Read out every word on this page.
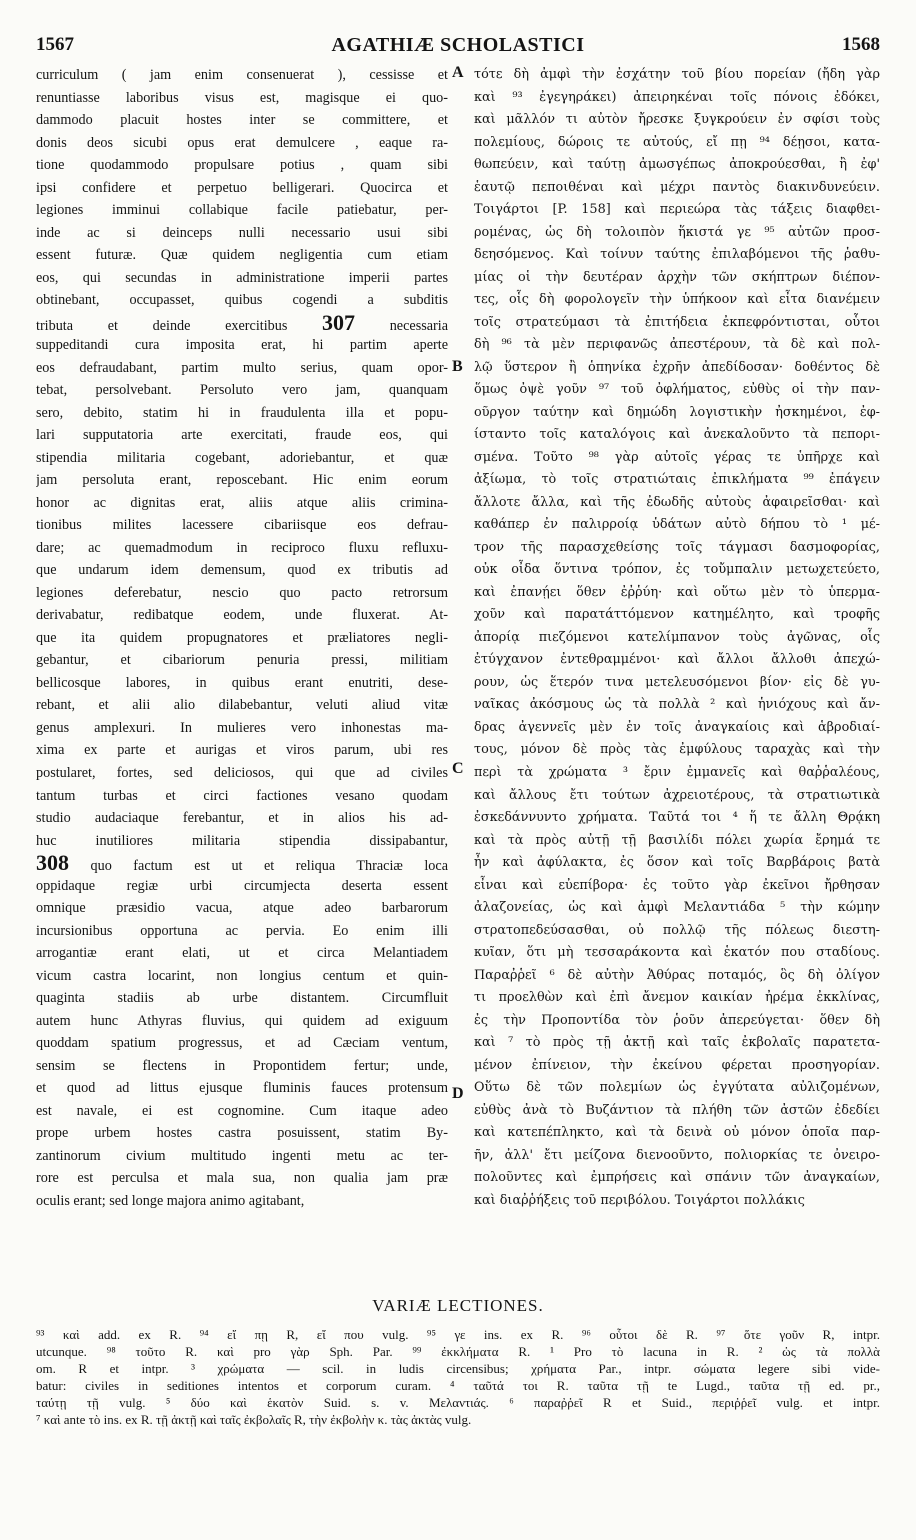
1567	AGATHIÆ SCHOLASTICI	1568
curriculum ( jam enim consenuerat ), cessisse et
renuntiasse laboribus visus est, magisque ei quo-
dammodo placuit hostes inter se committere, et
donis deos sicubi opus erat demulcere , eaque ra-
tione quodammodo propulsare potius , quam sibi
ipsi confidere et perpetuo belligerari. Quocirca et
legiones imminui collabique facile patiebatur, per-
inde ac si deinceps nulli necessario usui sibi
essent futuræ. Quæ quidem negligentia cum etiam
eos, qui secundas in administratione imperii partes
obtinebant, occupasset, quibus cogendi a subditis
tributa et deinde exercitibus 307 necessaria
suppeditandi cura imposita erat, hi partim aperte
eos defraudabant, partim multo serius, quam opor-
tebat, persolvebant. Persoluto vero jam, quanquam
sero, debito, statim hi in fraudulenta illa et popu-
lari supputatoria arte exercitati, fraude eos, qui
stipendia militaria cogebant, adoriebantur, et quæ
jam persoluta erant, reposcebant. Hic enim eorum
honor ac dignitas erat, aliis atque aliis crimina-
tionibus milites lacessere cibariisque eos defrau-
dare; ac quemadmodum in reciproco fluxu refluxu-
que undarum idem demensum, quod ex tributis ad
legiones deferebatur, nescio quo pacto retrorsum
derivabatur, redibatque eodem, unde fluxerat. At-
que ita quidem propugnatores et præliatores negli-
gebantur, et cibariorum penuria pressi, militiam
bellicosque labores, in quibus erant enutriti, dese-
rebant, et alii alio dilabebantur, veluti aliud vitæ
genus amplexuri. In mulieres vero inhonestas ma-
xima ex parte et aurigas et viros parum, ubi res
postularet, fortes, sed deliciosos, qui que ad civiles
tantum turbas et circi factiones vesano quodam
studio audaciaque ferebantur, et in alios his ad-
huc inutiliores militaria stipendia dissipabantur,
308 quo factum est ut et reliqua Thraciæ loca
oppidaque regiæ urbi circumjecta deserta essent
omnique præsidio vacua, atque adeo barbarorum
incursionibus opportuna ac pervia. Eo enim illi
arrogantiæ erant elati, ut et circa Melantiadem
vicum castra locarint, non longius centum et quin-
quaginta stadiis ab urbe distantem. Circumfluit
autem hunc Athyras fluvius, qui quidem ad exiguum
quoddam spatium progressus, et ad Cæciam ventum,
sensim se flectens in Propontidem fertur; unde,
et quod ad littus ejusque fluminis fauces protensum
est navale, ei est cognomine. Cum itaque adeo
prope urbem hostes castra posuissent, statim By-
zantinorum civium multitudo ingenti metu ac ter-
rore est perculsa et mala sua, non qualia jam præ
oculis erant; sed longe majora animo agitabant,
τότε δὴ ἀμφὶ τὴν ἐσχάτην τοῦ βίου πορείαν (ἤδη γὰρ
καὶ ⁹³ ἐγεγηράκει) ἀπειρηκέναι τοῖς πόνοις ἐδόκει,
καὶ μᾶλλόν τι αὐτὸν ἤρεσκε ξυγκρούειν ἐν σφίσι τοὺς
πολεμίους, δώροις τε αὐτούς, εἴ πῃ ⁹⁴ δέῃσοι, κατα-
θωπεύειν, καὶ ταύτῃ ἀμωσγέπως ἀποκρούεσθαι, ἢ ἐφ'
ἑαυτῷ πεποιθέναι καὶ μέχρι παντὸς διακινδυνεύειν.
Τοιγάρτοι [P. 158] καὶ περιεώρα τὰς τάξεις διαφθει-
ρομένας, ὡς δὴ τολοιπὸν ἥκιστά γε ⁹⁵ αὐτῶν προσ-
δεησόμενος. Καὶ τοίνυν ταύτης ἐπιλαβόμενοι τῆς ῥαθυ-
μίας οἱ τὴν δευτέραν ἀρχὴν τῶν σκήπτρων διέπον-
τες, οἷς δὴ φορολογεῖν τὴν ὑπήκοον καὶ εἶτα διανέμειν
τοῖς στρατεύμασι τὰ ἐπιτήδεια ἐκπεφρόντισται, οὗτοι
δὴ ⁹⁶ τὰ μὲν περιφανῶς ἀπεστέρουν, τὰ δὲ καὶ πολ-
λῷ ὕστερον ἢ ὁπηνίκα ἐχρῆν ἀπεδίδοσαν· δοθέντος δὲ
ὅμως ὀψὲ γοῦν ⁹⁷ τοῦ ὀφλήματος, εὐθὺς οἱ τὴν παν-
οῦργον ταύτην καὶ δημώδη λογιστικὴν ἠσκημένοι, ἐφ-
ίσταντο τοῖς καταλόγοις καὶ ἀνεκαλοῦντο τὰ πεπορι-
σμένα. Τοῦτο ⁹⁸ γὰρ αὐτοῖς γέρας τε ὑπῆρχε καὶ
ἀξίωμα, τὸ τοῖς στρατιώταις ἐπικλήματα ⁹⁹ ἐπάγειν
ἄλλοτε ἄλλα, καὶ τῆς ἐδωδῆς αὐτοὺς ἀφαιρεῖσθαι· καὶ
καθάπερ ἐν παλιρροίᾳ ὑδάτων αὐτὸ δήπου τὸ ¹ μέ-
τρον τῆς παρασχεθείσης τοῖς τάγμασι δασμοφορίας,
οὐκ οἶδα ὅντινα τρόπον, ἐς τοὔμπαλιν μετωχετεύετο,
καὶ ἐπανῄει ὅθεν ἐῤῥύη· καὶ οὕτω μὲν τὸ ὑπερμα-
χοῦν καὶ παρατάττόμενον κατημέλητο, καὶ τροφῆς
ἀπορίᾳ πιεζόμενοι κατελίμπανον τοὺς ἀγῶνας, οἷς
ἐτύγχανον ἐντεθραμμένοι· καὶ ἄλλοι ἄλλοθι ἀπεχώ-
ρουν, ὡς ἕτερόν τινα μετελευσόμενοι βίον· εἰς δὲ γυ-
ναῖκας ἀκόσμους ὡς τὰ πολλὰ ² καὶ ἡνιόχους καὶ ἄν-
δρας ἀγεννεῖς μὲν ἐν τοῖς ἀναγκαίοις καὶ ἁβροδιαί-
τους, μόνον δὲ πρὸς τὰς ἐμφύλους ταραχὰς καὶ τὴν
περὶ τὰ χρώματα ³ ἔριν ἐμμανεῖς καὶ θαῤῥαλέους,
καὶ ἄλλους ἔτι τούτων ἀχρειοτέρους, τὰ στρατιωτικὰ
ἐσκεδάννυντο χρήματα. Ταῦτά τοι ⁴ ἥ τε ἄλλη Θρᾴκη
καὶ τὰ πρὸς αὐτῇ τῇ βασιλίδι πόλει χωρία ἔρημά τε
ἦν καὶ ἀφύλακτα, ἐς ὅσον καὶ τοῖς Βαρβάροις βατὰ
εἶναι καὶ εὐεπίβορα· ἐς τοῦτο γὰρ ἐκεῖνοι ἤρθησαν
ἀλαζονείας, ὡς καὶ ἀμφὶ Μελαντιάδα ⁵ τὴν κώμην
στρατοπεδεύσασθαι, οὐ πολλῷ τῆς πόλεως διεστη-
κυῖαν, ὅτι μὴ τεσσαράκοντα καὶ ἑκατόν που σταδίους.
Παραῤῥεῖ ⁶ δὲ αὐτὴν Ἀθύρας ποταμός, ὃς δὴ ὀλίγον
τι προελθὼν καὶ ἐπὶ ἄνεμον καικίαν ἠρέμα ἐκκλίνας,
ἐς τὴν Προποντίδα τὸν ῥοῦν ἀπερεύγεται· ὅθεν δὴ
καὶ ⁷ τὸ πρὸς τῇ ἀκτῇ καὶ ταῖς ἐκβολαῖς παρατετα-
μένον ἐπίνειον, τὴν ἐκείνου φέρεται προσηγορίαν.
Οὕτω δὲ τῶν πολεμίων ὡς ἐγγύτατα αὐλιζομένων,
εὐθὺς ἀνὰ τὸ Βυζάντιον τὰ πλήθη τῶν ἀστῶν ἐδεδίει
καὶ κατεπέπληκτο, καὶ τὰ δεινὰ οὐ μόνον ὁποῖα παρ-
ῆν, ἀλλ' ἔτι μείζονα διενοοῦντο, πολιορκίας τε ὀνειρο-
πολοῦντες καὶ ἐμπρήσεις καὶ σπάνιν τῶν ἀναγκαίων,
καὶ διαῤῥήξεις τοῦ περιβόλου. Τοιγάρτοι πολλάκις
A
B
C
D
VARIÆ LECTIONES.
⁹³ καὶ add. ex R. ⁹⁴ εἴ πῃ R, εἴ που vulg. ⁹⁵ γε ins. ex R. ⁹⁶ οὗτοι δὲ R. ⁹⁷ ὅτε γοῦν R, intpr.
utcunque. ⁹⁸ τοῦτο R. καὶ pro γὰρ Sph. Par. ⁹⁹ ἐκκλήματα R. ¹ Pro τὸ lacuna in R. ² ὡς τὰ πολλὰ
om. R et intpr. ³ χρώματα — scil. in ludis circensibus; χρήματα Par., intpr. σώματα legere sibi vide-
batur: civiles in seditiones intentos et corporum curam. ⁴ ταῦτά τοι R. ταῦτα τῇ te Lugd., ταῦτα τῇ ed. pr.,
ταύτῃ τῇ vulg. ⁵ δύο καὶ ἑκατὸν Suid. s. v. Μελαντιάς. ⁶ παραῤῥεῖ R et Suid., περιῤῥεῖ vulg. et intpr.
⁷ καὶ ante τὸ ins. ex R. τῇ ἀκτῇ καὶ ταῖς ἐκβολαῖς R, τὴν ἐκβολὴν κ. τὰς ἀκτὰς vulg.
